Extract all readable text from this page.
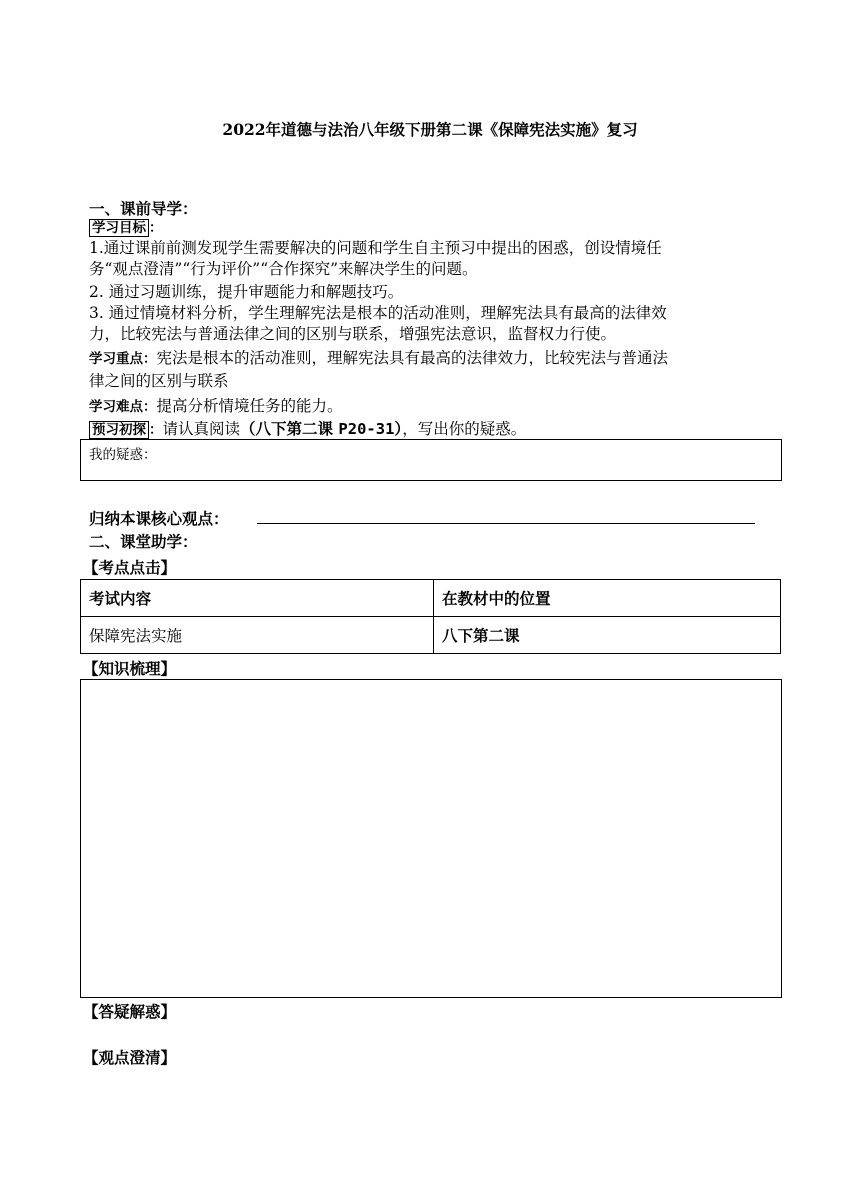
2022年道德与法治八年级下册第二课《保障宪法实施》复习
一、课前导学：
学习目标 ：
1.通过课前前测发现学生需要解决的问题和学生自主预习中提出的困惑，创设情境任
务“观点澄清”“行为评价”“合作探究”来解决学生的问题。
2. 通过习题训练，提升审题能力和解题技巧。
3. 通过情境材料分析，学生理解宪法是根本的活动准则，理解宪法具有最高的法律效
力，比较宪法与普通法律之间的区别与联系，增强宪法意识，监督权力行使。
学习重点：宪法是根本的活动准则，理解宪法具有最高的法律效力，比较宪法与普通法
律之间的区别与联系
学习难点：提高分析情境任务的能力。
预习初探 ：请认真阅读（八下第二课 P20-31），写出你的疑惑。
我的疑惑：
归纳本课核心观点：
二、课堂助学：
【考点点击】
考试内容	在教材中的位置
保障宪法实施	八下第二课
【知识梳理】
【答疑解惑】
【观点澄清】
